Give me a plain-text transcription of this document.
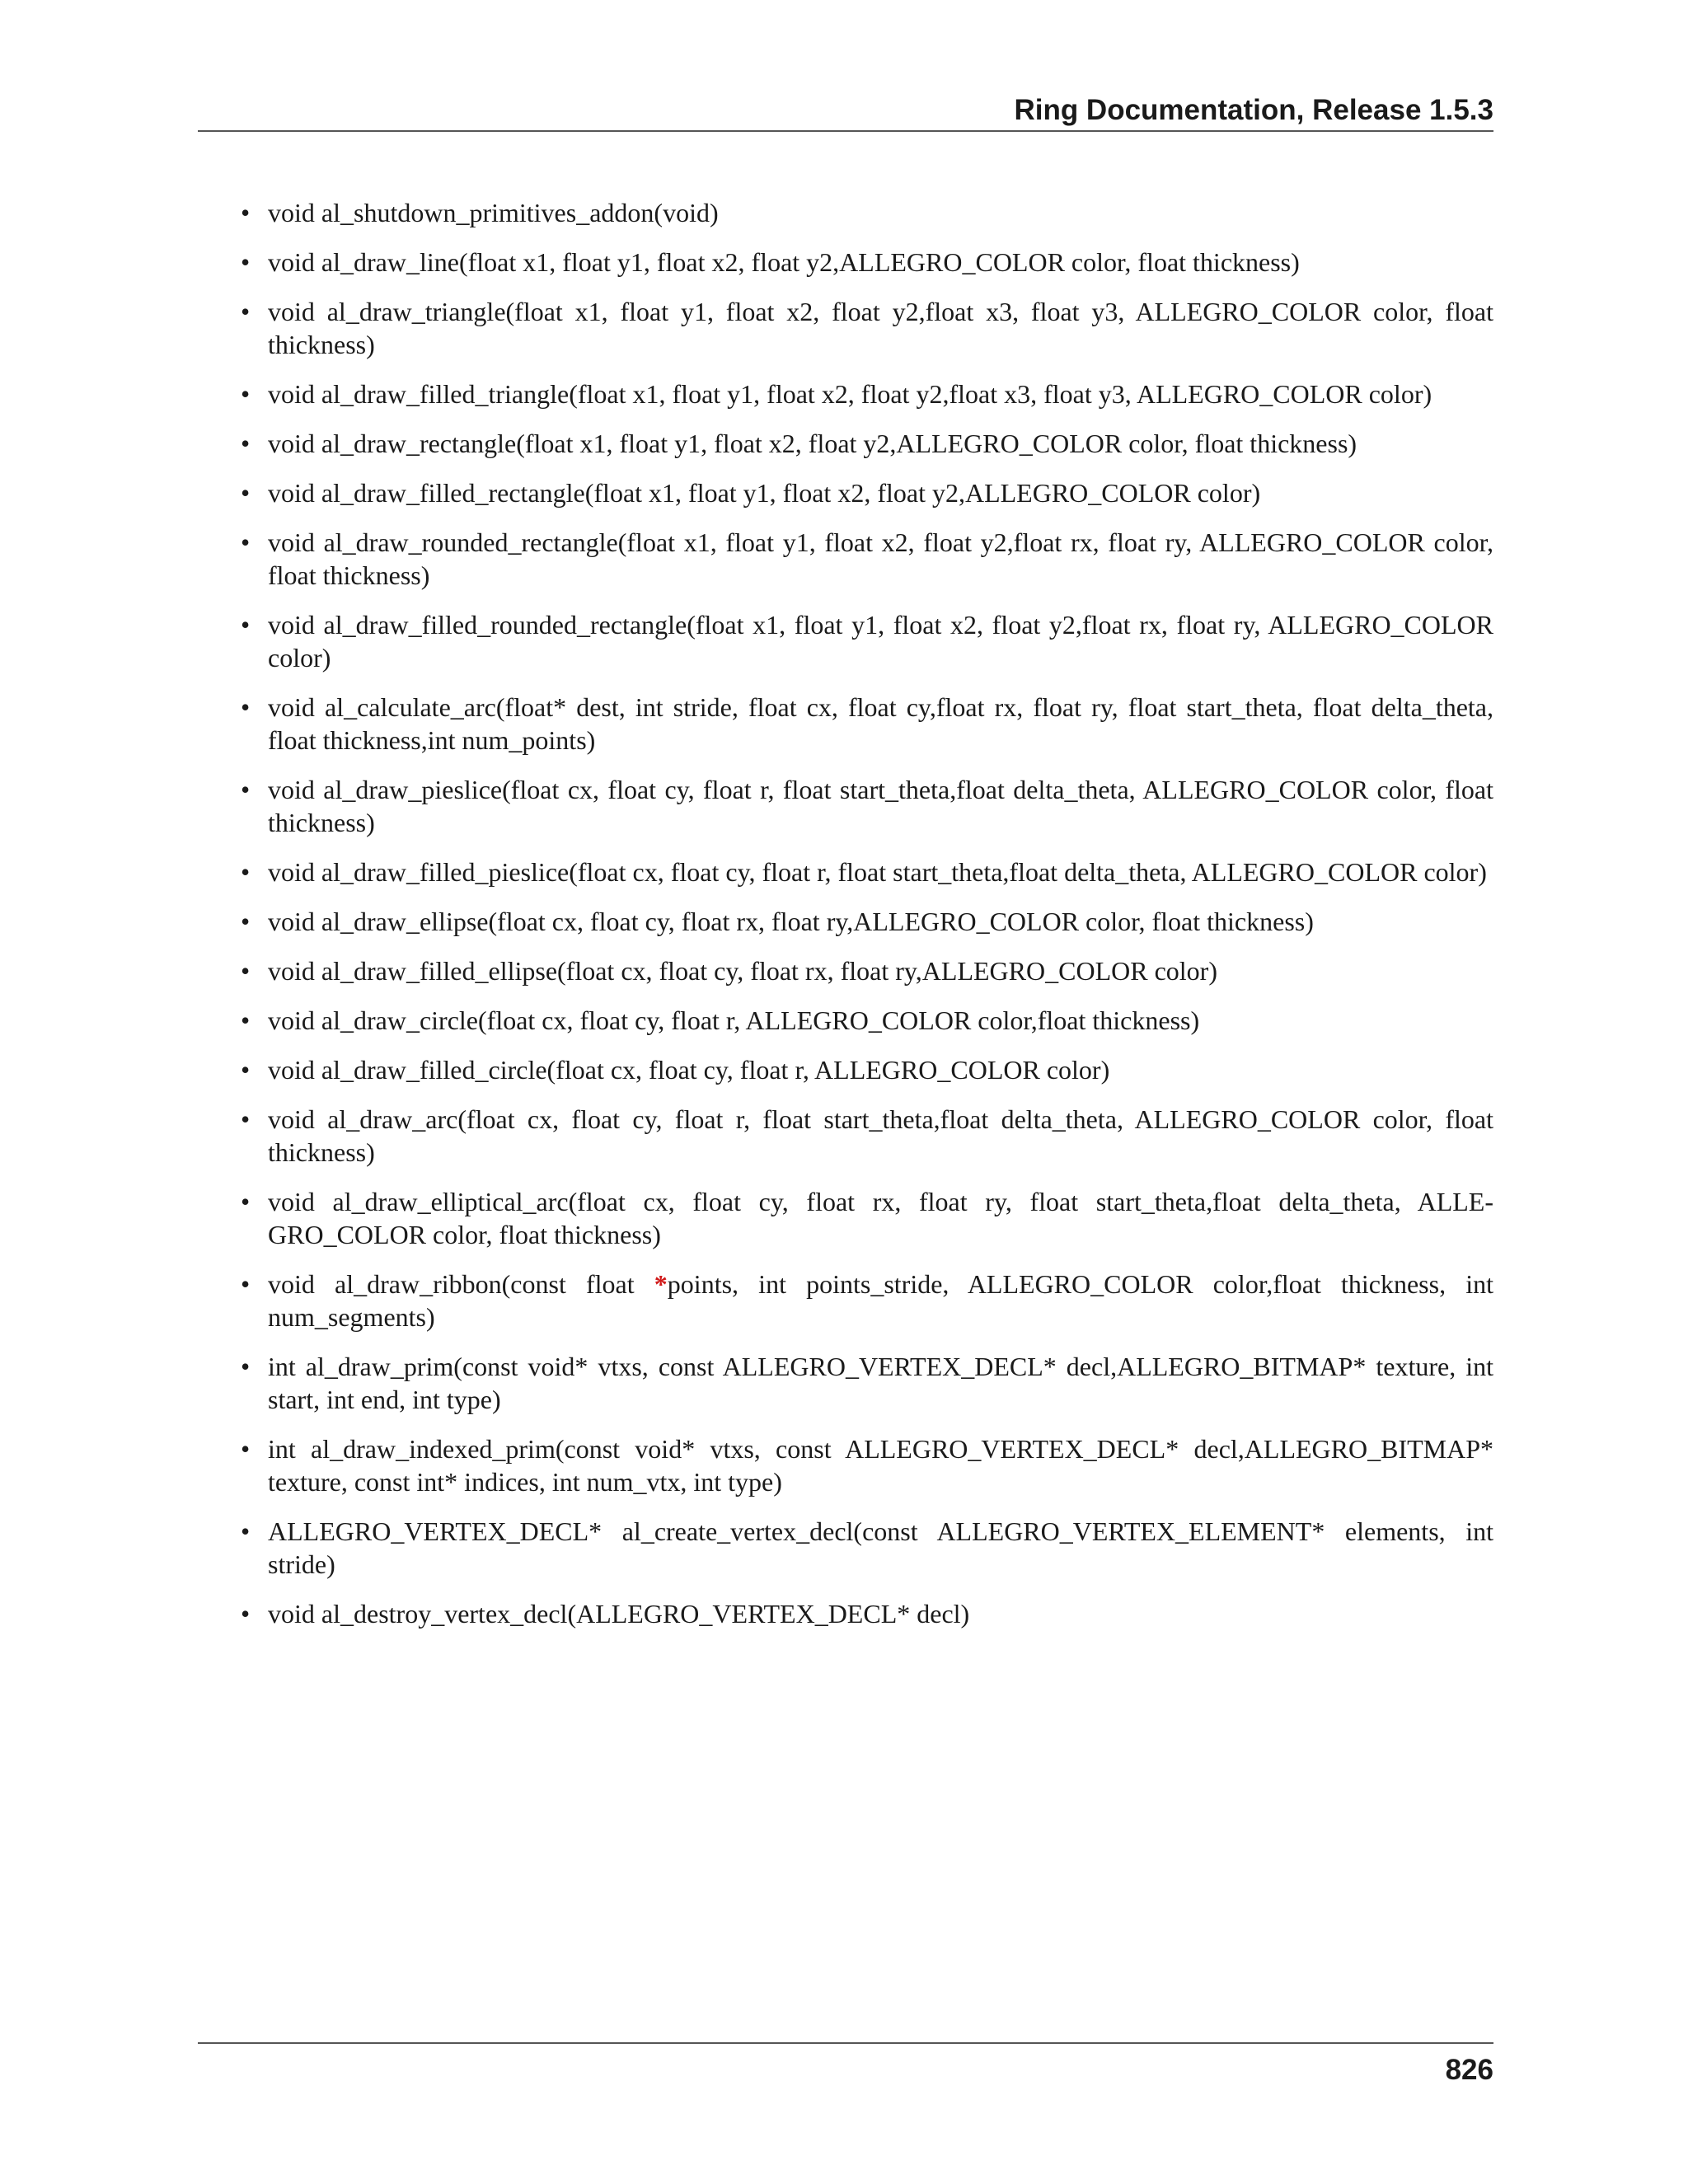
Ring Documentation, Release 1.5.3
• void al_shutdown_primitives_addon(void)
• void al_draw_line(float x1, float y1, float x2, float y2,ALLEGRO_COLOR color, float thickness)
• void al_draw_triangle(float x1, float y1, float x2, float y2,float x3, float y3, ALLEGRO_COLOR color, float thickness)
• void al_draw_filled_triangle(float x1, float y1, float x2, float y2,float x3, float y3, ALLEGRO_COLOR color)
• void al_draw_rectangle(float x1, float y1, float x2, float y2,ALLEGRO_COLOR color, float thickness)
• void al_draw_filled_rectangle(float x1, float y1, float x2, float y2,ALLEGRO_COLOR color)
• void al_draw_rounded_rectangle(float x1, float y1, float x2, float y2,float rx, float ry, ALLEGRO_COLOR color, float thickness)
• void al_draw_filled_rounded_rectangle(float x1, float y1, float x2, float y2,float rx, float ry, ALLEGRO_COLOR color)
• void al_calculate_arc(float* dest, int stride, float cx, float cy,float rx, float ry, float start_theta, float delta_theta, float thickness,int num_points)
• void al_draw_pieslice(float cx, float cy, float r, float start_theta,float delta_theta, ALLEGRO_COLOR color, float thickness)
• void al_draw_filled_pieslice(float cx, float cy, float r, float start_theta,float delta_theta, ALLEGRO_COLOR color)
• void al_draw_ellipse(float cx, float cy, float rx, float ry,ALLEGRO_COLOR color, float thickness)
• void al_draw_filled_ellipse(float cx, float cy, float rx, float ry,ALLEGRO_COLOR color)
• void al_draw_circle(float cx, float cy, float r, ALLEGRO_COLOR color,float thickness)
• void al_draw_filled_circle(float cx, float cy, float r, ALLEGRO_COLOR color)
• void al_draw_arc(float cx, float cy, float r, float start_theta,float delta_theta, ALLEGRO_COLOR color, float thickness)
• void al_draw_elliptical_arc(float cx, float cy, float rx, float ry, float start_theta,float delta_theta, ALLE-GRO_COLOR color, float thickness)
• void al_draw_ribbon(const float *points, int points_stride, ALLEGRO_COLOR color,float thickness, int num_segments)
• int al_draw_prim(const void* vtxs, const ALLEGRO_VERTEX_DECL* decl,ALLEGRO_BITMAP* texture, int start, int end, int type)
• int al_draw_indexed_prim(const void* vtxs, const ALLEGRO_VERTEX_DECL* decl,ALLEGRO_BITMAP* texture, const int* indices, int num_vtx, int type)
• ALLEGRO_VERTEX_DECL* al_create_vertex_decl(const ALLEGRO_VERTEX_ELEMENT* elements, int stride)
• void al_destroy_vertex_decl(ALLEGRO_VERTEX_DECL* decl)
826
